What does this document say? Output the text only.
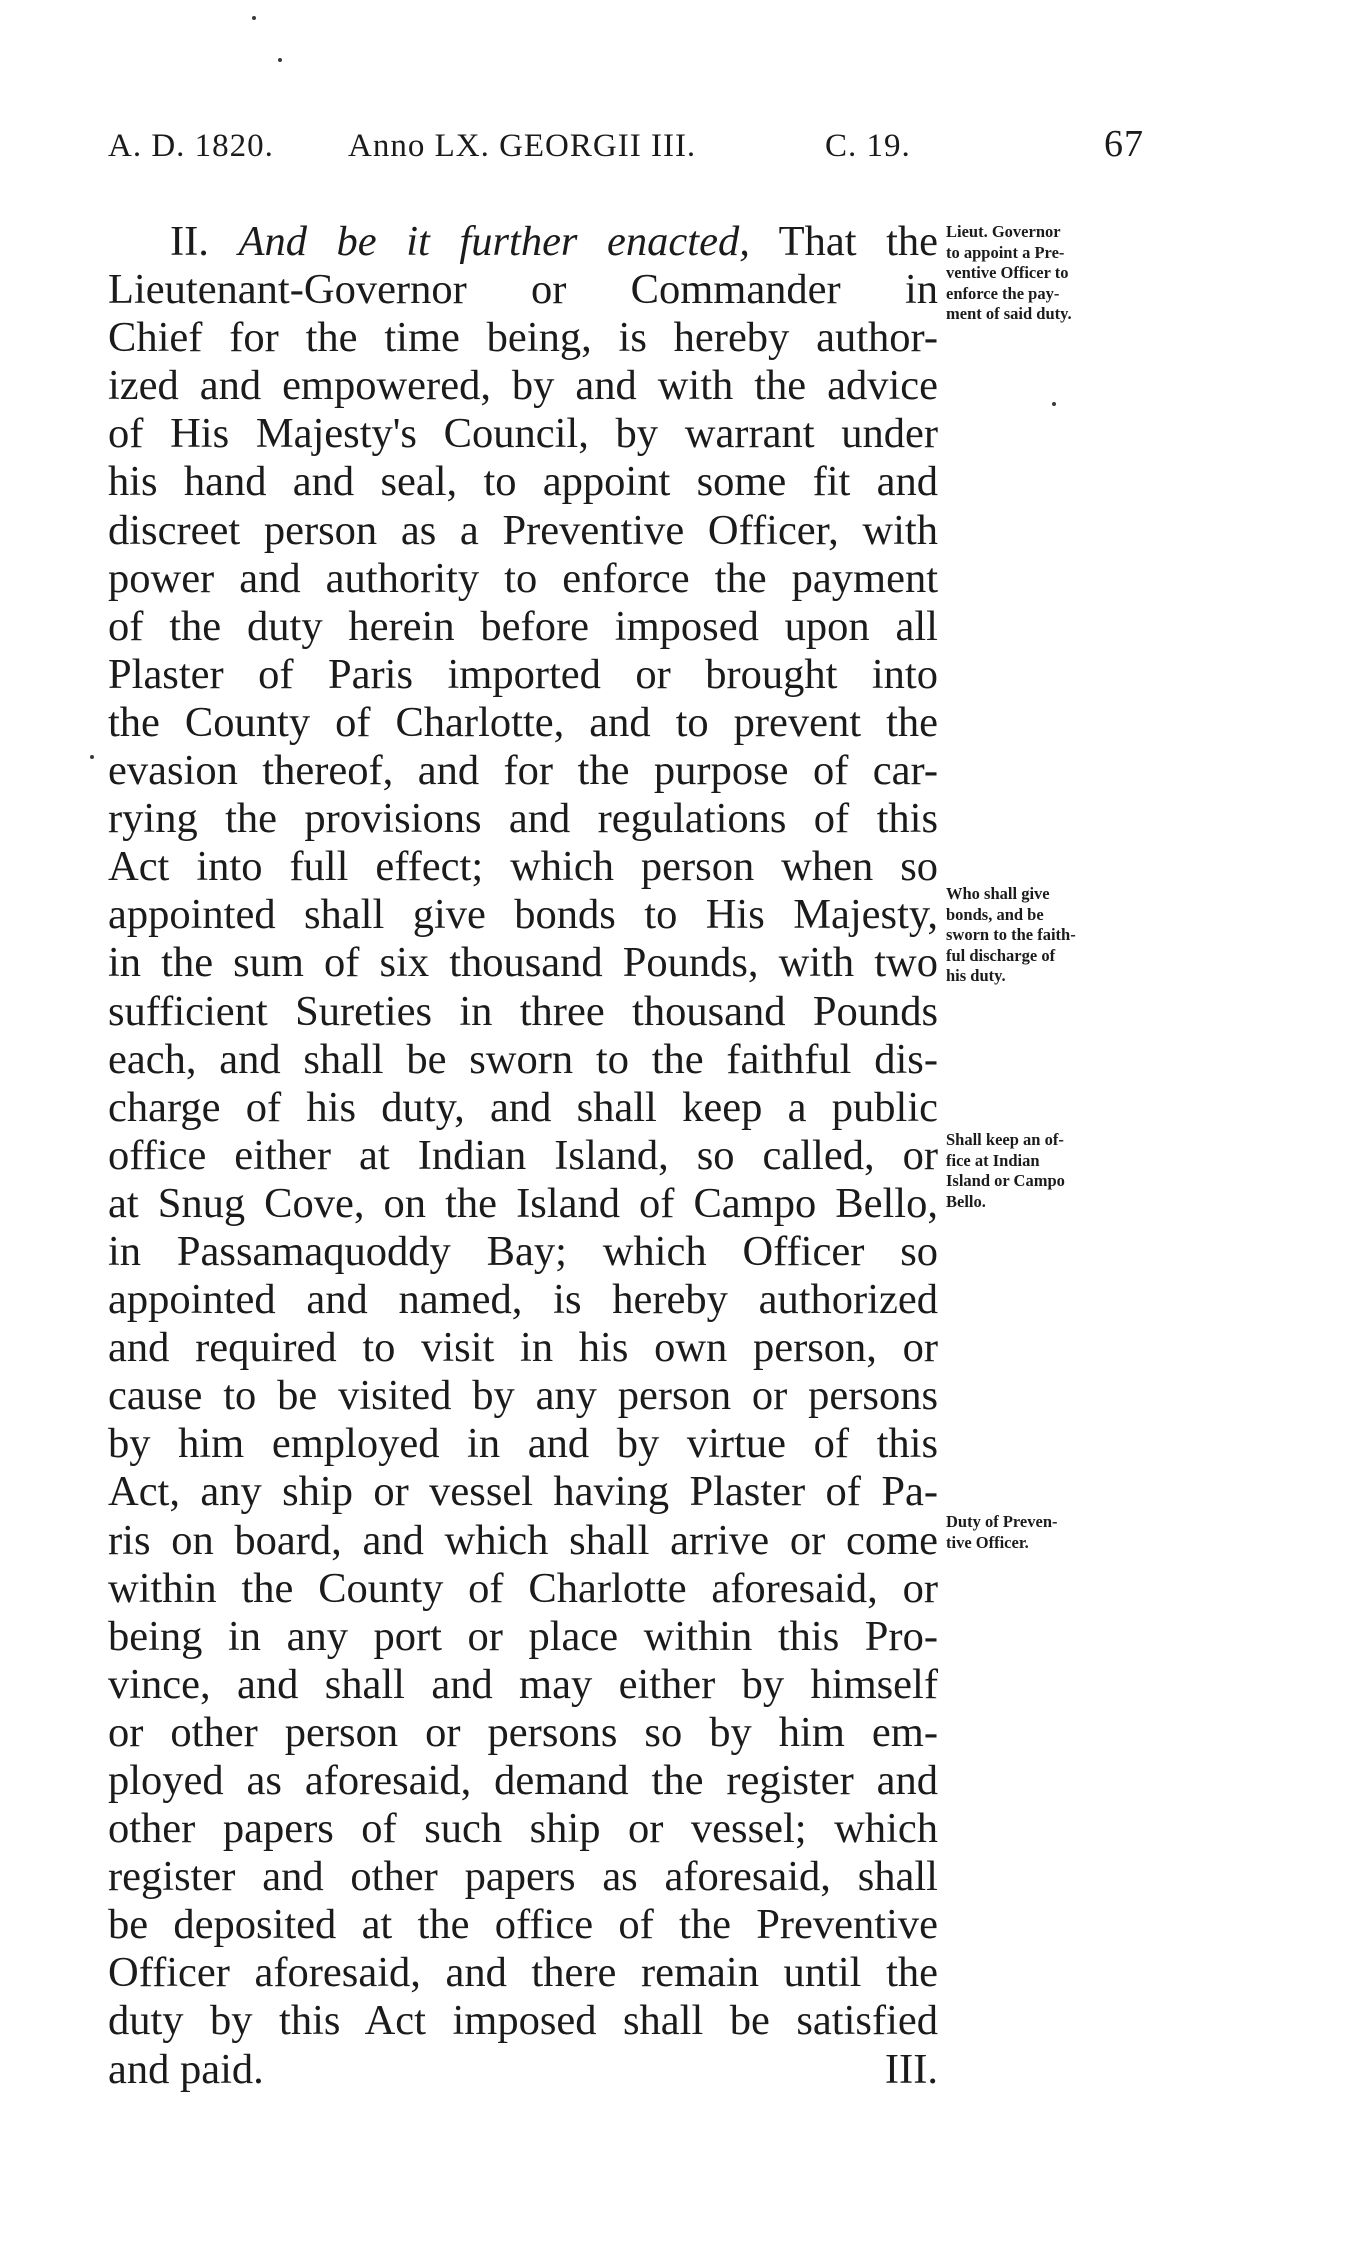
A. D. 1820. Anno LX. GEORGII III.	C. 19.	67
II. And be it further enacted, That the
Lieutenant-Governor or Commander in
Chief for the time being, is hereby author-
ized and empowered, by and with the advice
of His Majesty's Council, by warrant under
his hand and seal, to appoint some fit and
discreet person as a Preventive Officer, with
power and authority to enforce the payment
of the duty herein before imposed upon all
Plaster of Paris imported or brought into
the County of Charlotte, and to prevent the
evasion thereof, and for the purpose of car-
rying the provisions and regulations of this
Act into full effect; which person when so
appointed shall give bonds to His Majesty,
in the sum of six thousand Pounds, with two
sufficient Sureties in three thousand Pounds
each, and shall be sworn to the faithful dis-
charge of his duty, and shall keep a public
office either at Indian Island, so called, or
at Snug Cove, on the Island of Campo Bello,
in Passamaquoddy Bay; which Officer so
appointed and named, is hereby authorized
and required to visit in his own person, or
cause to be visited by any person or persons
by him employed in and by virtue of this
Act, any ship or vessel having Plaster of Pa-
ris on board, and which shall arrive or come
within the County of Charlotte aforesaid, or
being in any port or place within this Pro-
vince, and shall and may either by himself
or other person or persons so by him em-
ployed as aforesaid, demand the register and
other papers of such ship or vessel; which
register and other papers as aforesaid, shall
be deposited at the office of the Preventive
Officer aforesaid, and there remain until the
duty by this Act imposed shall be satisfied
and paid.	III.
Lieut. Governor
to appoint a Pre-
ventive Officer to
enforce the pay-
ment of said duty.
Who shall give
bonds, and be
sworn to the faith-
ful discharge of
his duty.
Shall keep an of-
fice at Indian
Island or Campo
Bello.
Duty of Preven-
tive Officer.
